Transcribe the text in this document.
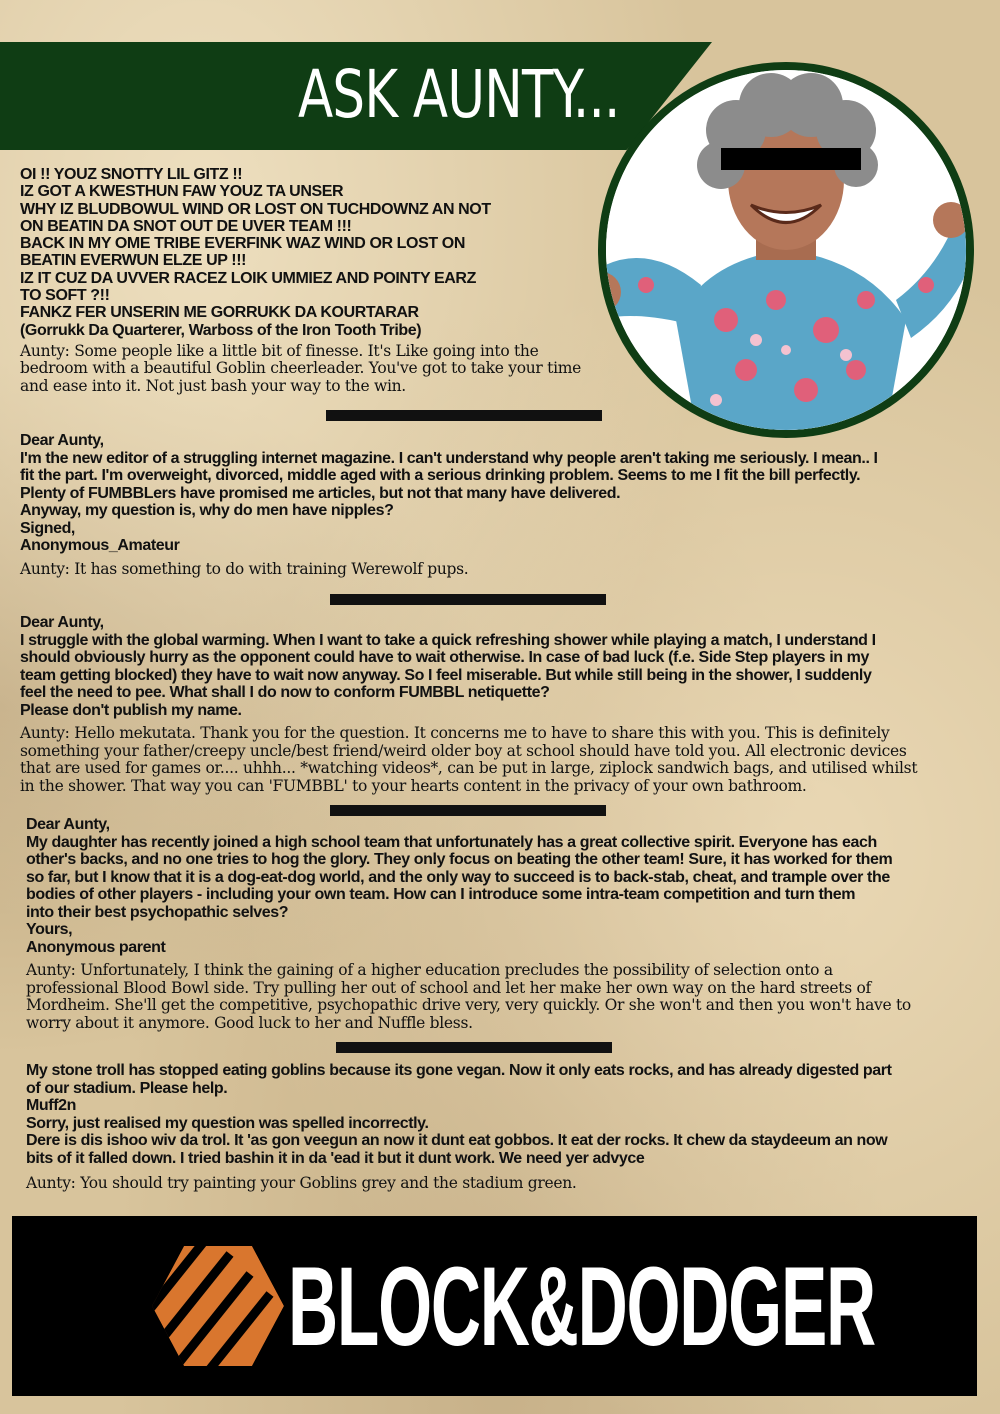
ASK AUNTY...
OI !! YOUZ SNOTTY LIL GITZ !!
IZ GOT A KWESTHUN FAW YOUZ TA UNSER
WHY IZ BLUDBOWUL WIND OR LOST ON TUCHDOWNZ AN NOT
ON BEATIN DA SNOT OUT DE UVER TEAM !!!
BACK IN MY OME TRIBE EVERFINK WAZ WIND OR LOST ON
BEATIN EVERWUN ELZE UP !!!
IZ IT CUZ DA UVVER RACEZ LOIK UMMIEZ AND POINTY EARZ
TO SOFT ?!!
FANKZ FER UNSERIN ME GORRUKK DA KOURTARAR
(Gorrukk Da Quarterer, Warboss of the Iron Tooth Tribe)
Aunty: Some people like a little bit of finesse. It's Like going into the
bedroom with a beautiful Goblin cheerleader. You've got to take your time
and ease into it. Not just bash your way to the win.
Dear Aunty,
I'm the new editor of a struggling internet magazine. I can't understand why people aren't taking me seriously. I mean.. I
fit the part. I'm overweight, divorced, middle aged with a serious drinking problem. Seems to me I fit the bill perfectly.
Plenty of FUMBBLers have promised me articles, but not that many have delivered.
Anyway, my question is, why do men have nipples?
Signed,
Anonymous_Amateur
Aunty: It has something to do with training Werewolf pups.
Dear Aunty,
I struggle with the global warming. When I want to take a quick refreshing shower while playing a match, I understand I
should obviously hurry as the opponent could have to wait otherwise. In case of bad luck (f.e. Side Step players in my
team getting blocked) they have to wait now anyway. So I feel miserable. But while still being in the shower, I suddenly
feel the need to pee. What shall I do now to conform FUMBBL netiquette?
Please don't publish my name.
Aunty: Hello mekutata. Thank you for the question. It concerns me to have to share this with you. This is definitely
something your father/creepy uncle/best friend/weird older boy at school should have told you. All electronic devices
that are used for games or.... uhhh... *watching videos*, can be put in large, ziplock sandwich bags, and utilised whilst
in the shower. That way you can 'FUMBBL' to your hearts content in the privacy of your own bathroom.
Dear Aunty,
My daughter has recently joined a high school team that unfortunately has a great collective spirit. Everyone has each
other's backs, and no one tries to hog the glory. They only focus on beating the other team! Sure, it has worked for them
so far, but I know that it is a dog-eat-dog world, and the only way to succeed is to back-stab, cheat, and trample over the
bodies of other players - including your own team. How can I introduce some intra-team competition and turn them
into their best psychopathic selves?
Yours,
Anonymous parent
Aunty: Unfortunately, I think the gaining of a higher education precludes the possibility of selection onto a
professional Blood Bowl side. Try pulling her out of school and let her make her own way on the hard streets of
Mordheim. She'll get the competitive, psychopathic drive very, very quickly. Or she won't and then you won't have to
worry about it anymore. Good luck to her and Nuffle bless.
My stone troll has stopped eating goblins because its gone vegan. Now it only eats rocks, and has already digested part
of our stadium. Please help.
Muff2n
Sorry, just realised my question was spelled incorrectly.
Dere is dis ishoo wiv da trol. It 'as gon veegun an now it dunt eat gobbos. It eat der rocks. It chew da staydeeum an now
bits of it falled down. I tried bashin it in da 'ead it but it dunt work. We need yer advyce
Aunty: You should try painting your Goblins grey and the stadium green.
BLOCK&DODGER
